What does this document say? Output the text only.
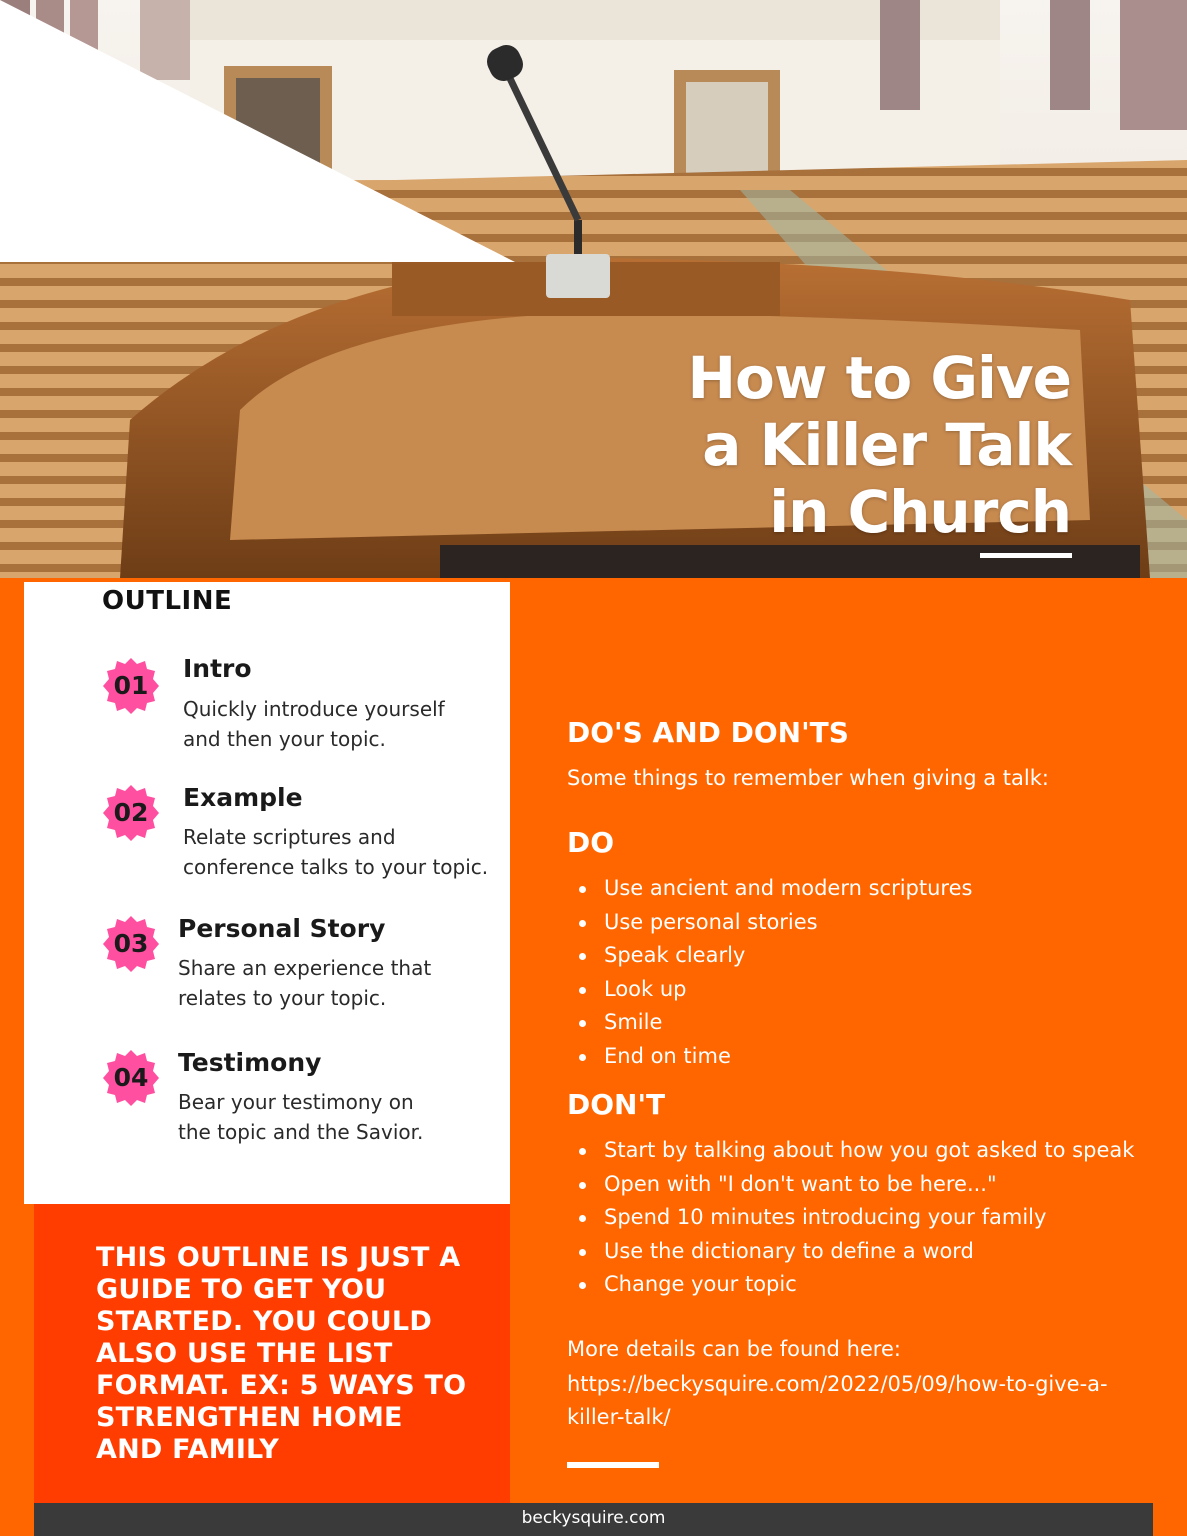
How to Give
a Killer Talk
in Church
OUTLINE
01
Intro
Quickly introduce yourself
and then your topic.
02
Example
Relate scriptures and
conference talks to your topic.
03
Personal Story
Share an experience that
relates to your topic.
04
Testimony
Bear your testimony on
the topic and the Savior.
THIS OUTLINE IS JUST A
GUIDE TO GET YOU
STARTED. YOU COULD
ALSO USE THE LIST
FORMAT. EX: 5 WAYS TO
STRENGTHEN HOME
AND FAMILY
DO'S AND DON'TS
Some things to remember when giving a talk:
DO
Use ancient and modern scriptures
Use personal stories
Speak clearly
Look up
Smile
End on time
DON'T
Start by talking about how you got asked to speak
Open with "I don't want to be here..."
Spend 10 minutes introducing your family
Use the dictionary to define a word
Change your topic
More details can be found here:
https://beckysquire.com/2022/05/09/how-to-give-a-
killer-talk/
beckysquire.com
